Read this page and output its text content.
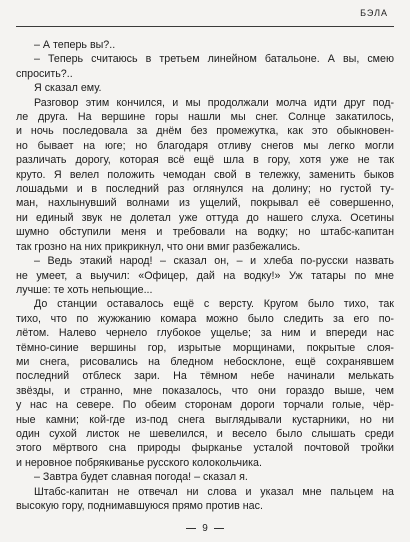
БЭЛА

– А теперь вы?..

– Теперь считаюсь в третьем линейном батальоне. А вы, смею
спросить?..

Я сказал ему.

Разговор этим кончился, и мы продолжали молча идти друг под-
ле друга. На вершине горы нашли мы снег. Солнце закатилось,
и ночь последовала за днём без промежутка, как это обыкновен-
но бывает на юге; но благодаря отливу снегов мы легко могли
различать дорогу, которая всё ещё шла в гору, хотя уже не так
круто. Я велел положить чемодан свой в тележку, заменить быков
лошадьми и в последний раз оглянулся на долину; но густой ту-
ман, нахлынувший волнами из ущелий, покрывал её совершенно,
ни единый звук не долетал уже оттуда до нашего слуха. Осетины
шумно обступили меня и требовали на водку; но штабс-капитан
так грозно на них прикрикнул, что они вмиг разбежались.

– Ведь этакий народ! – сказал он, – и хлеба по-русски назвать
не умеет, а выучил: «Офицер, дай на водку!» Уж татары по мне
лучше: те хоть непьющие...

До станции оставалось ещё с версту. Кругом было тихо, так
тихо, что по жужжанию комара можно было следить за его по-
лётом. Налево чернело глубокое ущелье; за ним и впереди нас
тёмно-синие вершины гор, изрытые морщинами, покрытые слоя-
ми снега, рисовались на бледном небосклоне, ещё сохранявшем
последний отблеск зари. На тёмном небе начинали мелькать
звёзды, и странно, мне показалось, что они гораздо выше, чем
у нас на севере. По обеим сторонам дороги торчали голые, чёр-
ные камни; кой-где из-под снега выглядывали кустарники, но ни
один сухой листок не шевелился, и весело было слышать среди
этого мёртвого сна природы фырканье усталой почтовой тройки
и неровное побрякиванье русского колокольчика.

– Завтра будет славная погода! – сказал я.

Штабс-капитан не отвечал ни слова и указал мне пальцем на
высокую гору, поднимавшуюся прямо против нас.

9
